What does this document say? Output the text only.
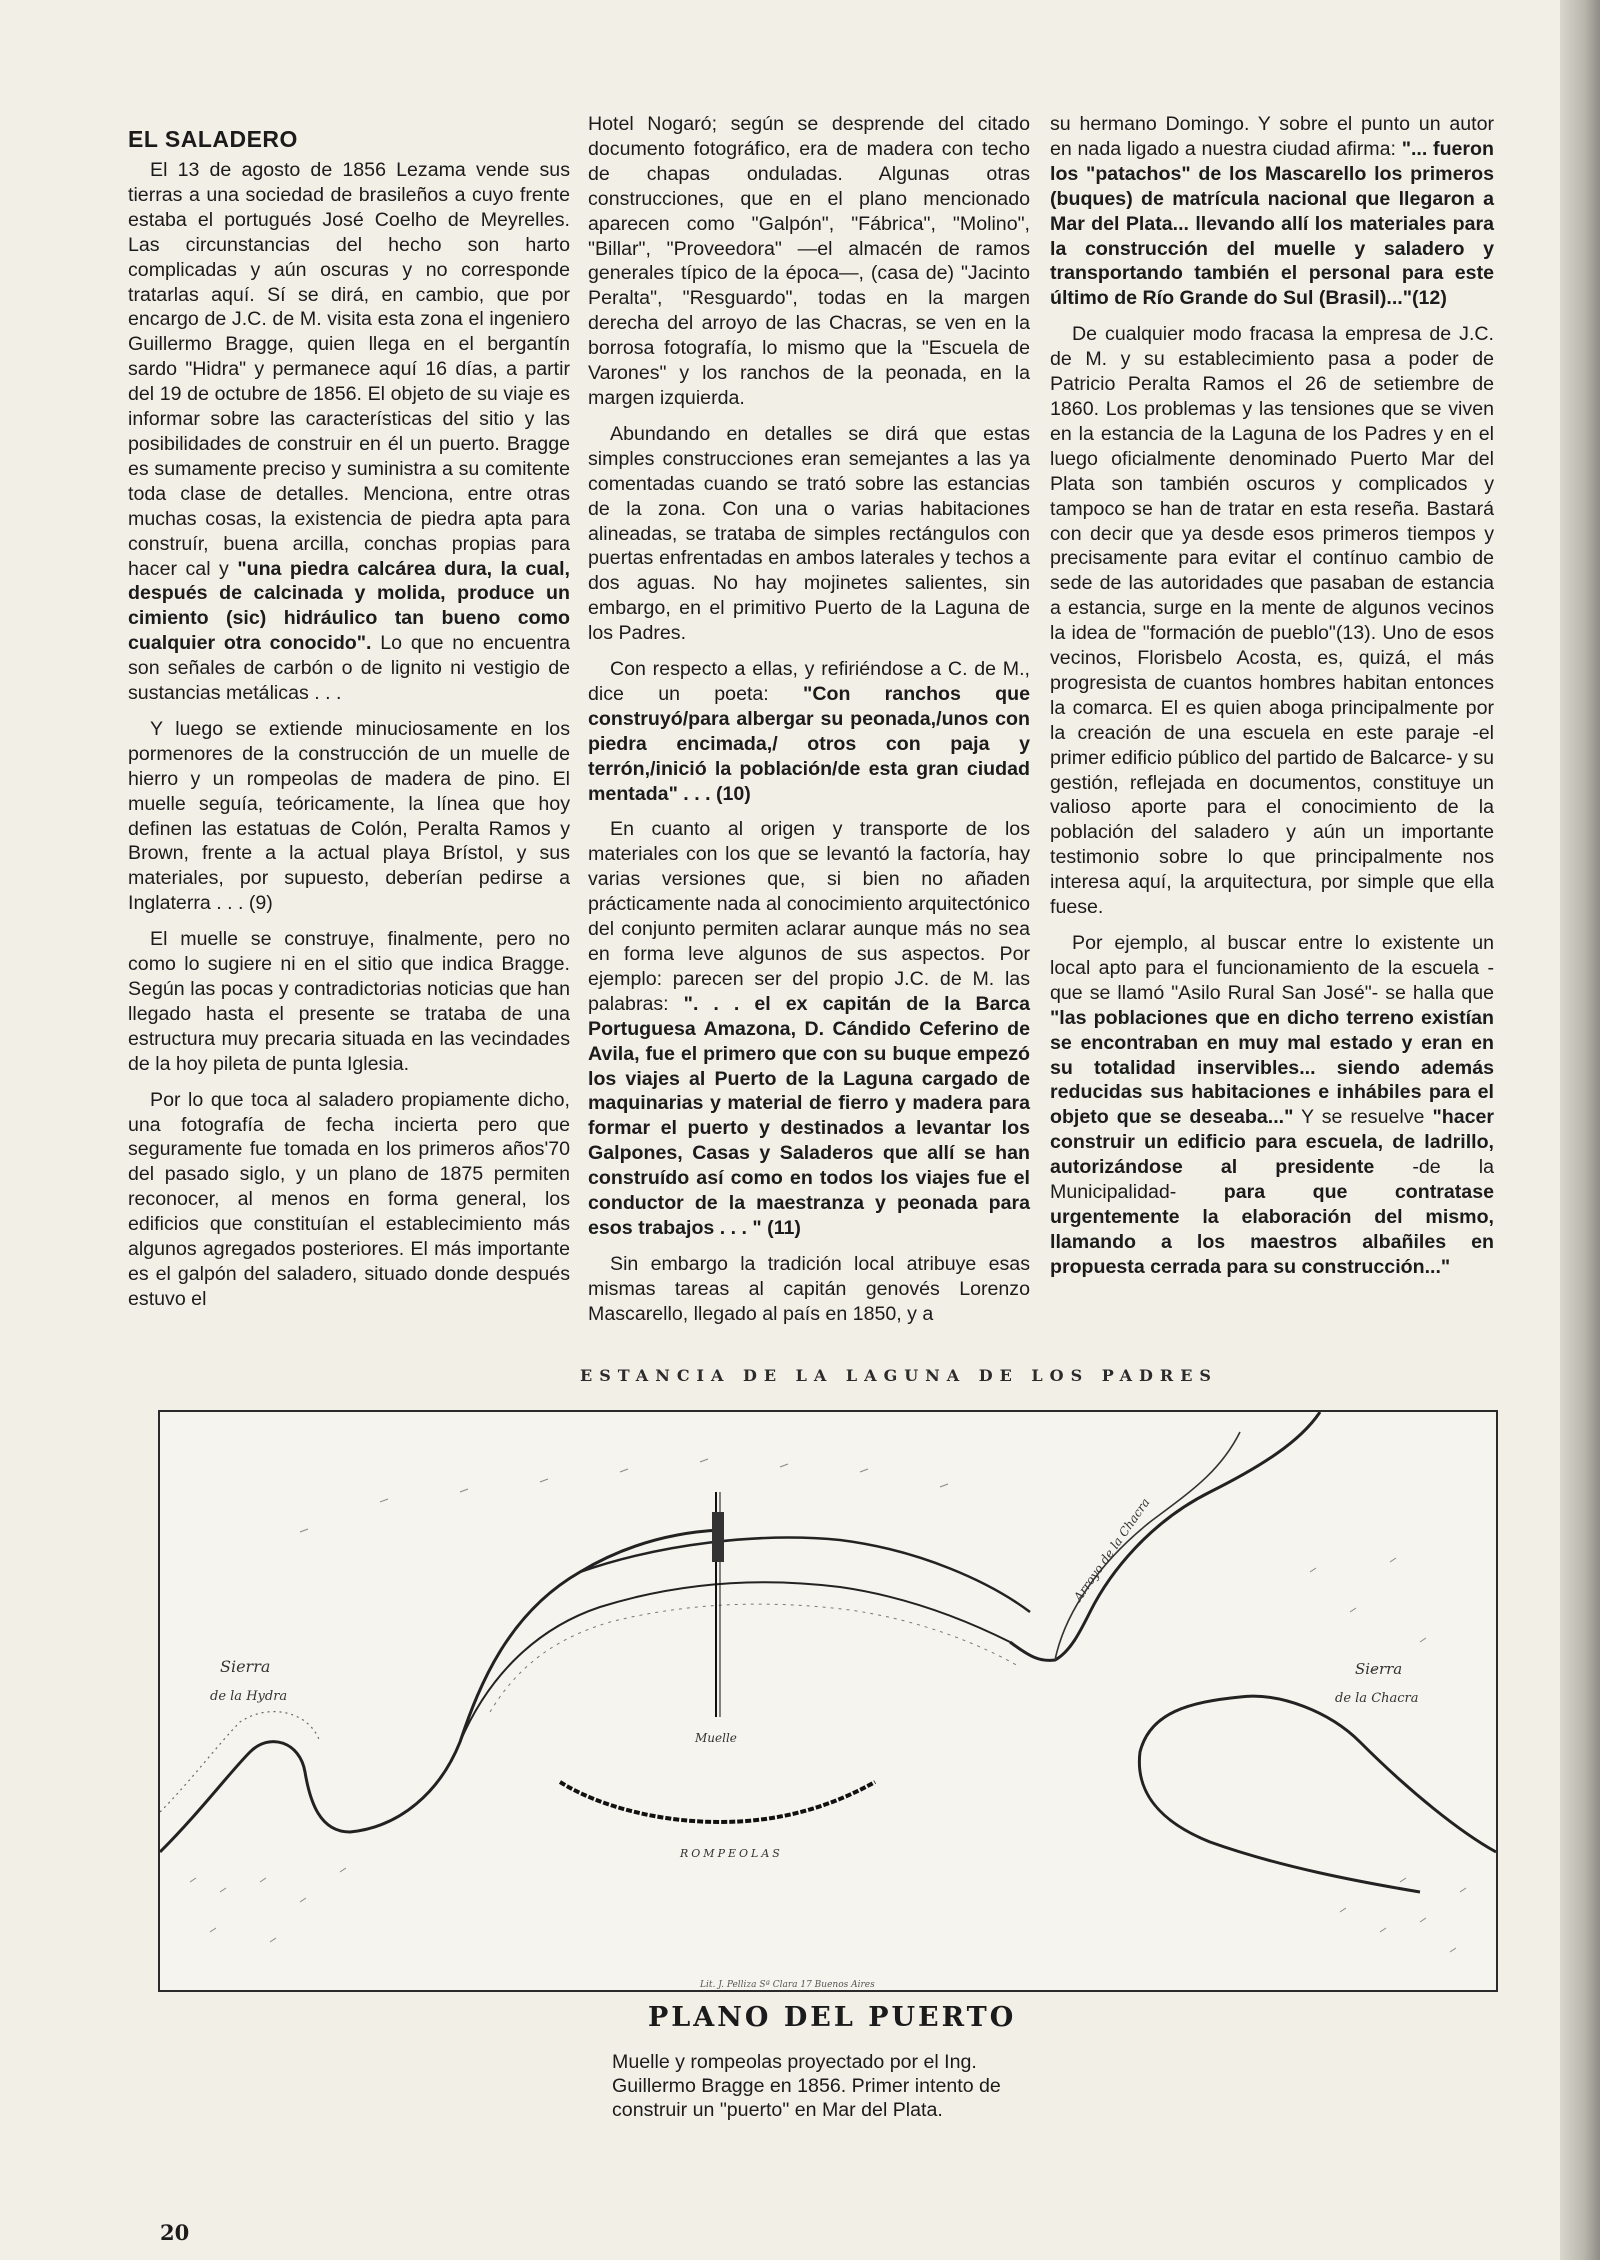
EL SALADERO

El 13 de agosto de 1856 Lezama vende sus tierras a una sociedad de brasileños a cuyo frente estaba el portugués José Coelho de Meyrelles. Las circunstancias del hecho son harto complicadas y aún oscuras y no corresponde tratarlas aquí. Sí se dirá, en cambio, que por encargo de J.C. de M. visita esta zona el ingeniero Guillermo Bragge, quien llega en el bergantín sardo "Hidra" y permanece aquí 16 días, a partir del 19 de octubre de 1856. El objeto de su viaje es informar sobre las características del sitio y las posibilidades de construir en él un puerto. Bragge es sumamente preciso y suministra a su comitente toda clase de detalles. Menciona, entre otras muchas cosas, la existencia de piedra apta para construír, buena arcilla, conchas propias para hacer cal y "una piedra calcárea dura, la cual, después de calcinada y molida, produce un cimiento (sic) hidráulico tan bueno como cualquier otra conocido". Lo que no encuentra son señales de carbón o de lignito ni vestigio de sustancias metálicas . . .

Y luego se extiende minuciosamente en los pormenores de la construcción de un muelle de hierro y un rompeolas de madera de pino. El muelle seguía, teóricamente, la línea que hoy definen las estatuas de Colón, Peralta Ramos y Brown, frente a la actual playa Brístol, y sus materiales, por supuesto, deberían pedirse a Inglaterra . . . (9)

El muelle se construye, finalmente, pero no como lo sugiere ni en el sitio que indica Bragge. Según las pocas y contradictorias noticias que han llegado hasta el presente se trataba de una estructura muy precaria situada en las vecindades de la hoy pileta de punta Iglesia.

Por lo que toca al saladero propiamente dicho, una fotografía de fecha incierta pero que seguramente fue tomada en los primeros años'70 del pasado siglo, y un plano de 1875 permiten reconocer, al menos en forma general, los edificios que constituían el establecimiento más algunos agregados posteriores. El más importante es el galpón del saladero, situado donde después estuvo el

Hotel Nogaró; según se desprende del citado documento fotográfico, era de madera con techo de chapas onduladas. Algunas otras construcciones, que en el plano mencionado aparecen como "Galpón", "Fábrica", "Molino", "Billar", "Proveedora" —el almacén de ramos generales típico de la época—, (casa de) "Jacinto Peralta", "Resguardo", todas en la margen derecha del arroyo de las Chacras, se ven en la borrosa fotografía, lo mismo que la "Escuela de Varones" y los ranchos de la peonada, en la margen izquierda.

Abundando en detalles se dirá que estas simples construcciones eran semejantes a las ya comentadas cuando se trató sobre las estancias de la zona. Con una o varias habitaciones alineadas, se trataba de simples rectángulos con puertas enfrentadas en ambos laterales y techos a dos aguas. No hay mojinetes salientes, sin embargo, en el primitivo Puerto de la Laguna de los Padres.

Con respecto a ellas, y refiriéndose a C. de M., dice un poeta: "Con ranchos que construyó/para albergar su peonada,/unos con piedra encimada,/ otros con paja y terrón,/inició la población/de esta gran ciudad mentada" . . . (10)

En cuanto al origen y transporte de los materiales con los que se levantó la factoría, hay varias versiones que, si bien no añaden prácticamente nada al conocimiento arquitectónico del conjunto permiten aclarar aunque más no sea en forma leve algunos de sus aspectos. Por ejemplo: parecen ser del propio J.C. de M. las palabras: ". . . el ex capitán de la Barca Portuguesa Amazona, D. Cándido Ceferino de Avila, fue el primero que con su buque empezó los viajes al Puerto de la Laguna cargado de maquinarias y material de fierro y madera para formar el puerto y destinados a levantar los Galpones, Casas y Saladeros que allí se han construído así como en todos los viajes fue el conductor de la maestranza y peonada para esos trabajos . . . " (11)

Sin embargo la tradición local atribuye esas mismas tareas al capitán genovés Lorenzo Mascarello, llegado al país en 1850, y a

su hermano Domingo. Y sobre el punto un autor en nada ligado a nuestra ciudad afirma: "... fueron los "patachos" de los Mascarello los primeros (buques) de matrícula nacional que llegaron a Mar del Plata... llevando allí los materiales para la construcción del muelle y saladero y transportando también el personal para este último de Río Grande do Sul (Brasil)..."(12)

De cualquier modo fracasa la empresa de J.C. de M. y su establecimiento pasa a poder de Patricio Peralta Ramos el 26 de setiembre de 1860. Los problemas y las tensiones que se viven en la estancia de la Laguna de los Padres y en el luego oficialmente denominado Puerto Mar del Plata son también oscuros y complicados y tampoco se han de tratar en esta reseña. Bastará con decir que ya desde esos primeros tiempos y precisamente para evitar el contínuo cambio de sede de las autoridades que pasaban de estancia a estancia, surge en la mente de algunos vecinos la idea de "formación de pueblo"(13). Uno de esos vecinos, Florisbelo Acosta, es, quizá, el más progresista de cuantos hombres habitan entonces la comarca. El es quien aboga principalmente por la creación de una escuela en este paraje -el primer edificio público del partido de Balcarce- y su gestión, reflejada en documentos, constituye un valioso aporte para el conocimiento de la población del saladero y aún un importante testimonio sobre lo que principalmente nos interesa aquí, la arquitectura, por simple que ella fuese.

Por ejemplo, al buscar entre lo existente un local apto para el funcionamiento de la escuela -que se llamó "Asilo Rural San José"- se halla que "las poblaciones que en dicho terreno existían se encontraban en muy mal estado y eran en su totalidad inservibles... siendo además reducidas sus habitaciones e inhábiles para el objeto que se deseaba..." Y se resuelve "hacer construir un edificio para escuela, de ladrillo, autorizándose al presidente -de la Municipalidad- para que contratase urgentemente la elaboración del mismo, llamando a los maestros albañiles en propuesta cerrada para su construcción..."

ESTANCIA DE LA LAGUNA DE LOS PADRES
Sierra
de la Hydra
Sierra
de la Chacra
Arroyo de la Chacra
Muelle
ROMPEOLAS
Lit. J. Pelliza Sª Clara 17 Buenos Aires
PLANO DEL PUERTO
Muelle y rompeolas proyectado por el Ing. Guillermo Bragge en 1856. Primer intento de construir un "puerto" en Mar del Plata.
20
